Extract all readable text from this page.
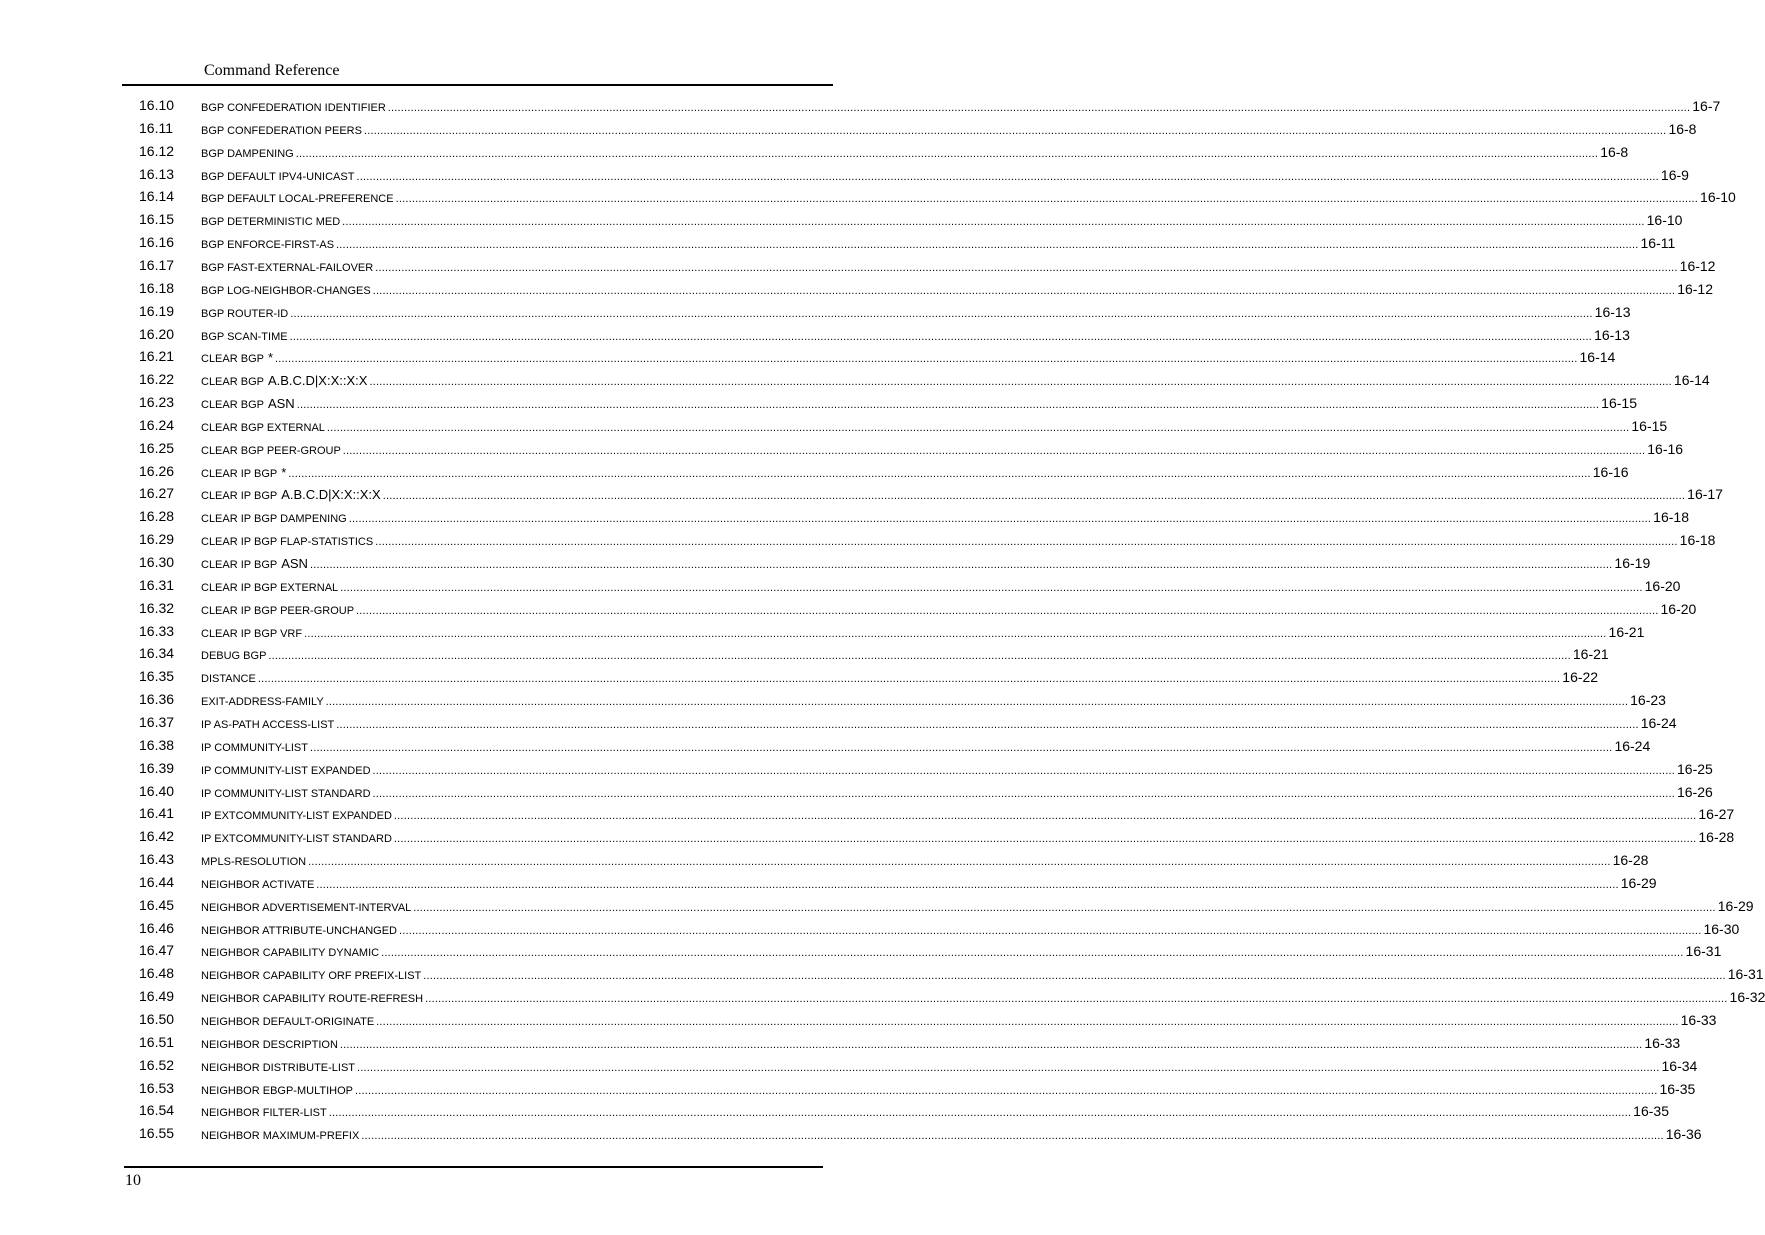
Command Reference
16.10 BGP CONFEDERATION IDENTIFIER ................................................................................................................................................................................................................................................................................................................................................................................................................ 16-7
16.11	BGP CONFEDERATION PEERS ................................................................................................................................................................................................................................................................................................................................................................................................................ 16-8
16.12 BGP DAMPENING ................................................................................................................................................................................................................................................................................................................................................................................................................ 16-8
16.13 BGP DEFAULT IPV4-UNICAST ................................................................................................................................................................................................................................................................................................................................................................................................................ 16-9
16.14 BGP DEFAULT LOCAL-PREFERENCE ................................................................................................................................................................................................................................................................................................................................................................................................................ 16-10
16.15 BGP DETERMINISTIC MED ................................................................................................................................................................................................................................................................................................................................................................................................................ 16-10
16.16 BGP ENFORCE-FIRST-AS ................................................................................................................................................................................................................................................................................................................................................................................................................ 16-11
16.17 BGP FAST-EXTERNAL-FAILOVER ................................................................................................................................................................................................................................................................................................................................................................................................................ 16-12
16.18 BGP LOG-NEIGHBOR-CHANGES ................................................................................................................................................................................................................................................................................................................................................................................................................ 16-12
16.19 BGP ROUTER-ID ................................................................................................................................................................................................................................................................................................................................................................................................................ 16-13
16.20 BGP SCAN-TIME ................................................................................................................................................................................................................................................................................................................................................................................................................ 16-13
16.21 CLEAR BGP * ................................................................................................................................................................................................................................................................................................................................................................................................................ 16-14
16.22 CLEAR BGP A.B.C.D|X:X::X:X ................................................................................................................................................................................................................................................................................................................................................................................................................ 16-14
16.23 CLEAR BGP ASN ................................................................................................................................................................................................................................................................................................................................................................................................................ 16-15
16.24 CLEAR BGP EXTERNAL ................................................................................................................................................................................................................................................................................................................................................................................................................ 16-15
16.25 CLEAR BGP PEER-GROUP ................................................................................................................................................................................................................................................................................................................................................................................................................ 16-16
16.26 CLEAR IP BGP * ................................................................................................................................................................................................................................................................................................................................................................................................................ 16-16
16.27 CLEAR IP BGP A.B.C.D|X:X::X:X ................................................................................................................................................................................................................................................................................................................................................................................................................ 16-17
16.28 CLEAR IP BGP DAMPENING ................................................................................................................................................................................................................................................................................................................................................................................................................ 16-18
16.29 CLEAR IP BGP FLAP-STATISTICS ................................................................................................................................................................................................................................................................................................................................................................................................................ 16-18
16.30 CLEAR IP BGP ASN ................................................................................................................................................................................................................................................................................................................................................................................................................ 16-19
16.31 CLEAR IP BGP EXTERNAL ................................................................................................................................................................................................................................................................................................................................................................................................................ 16-20
16.32 CLEAR IP BGP PEER-GROUP ................................................................................................................................................................................................................................................................................................................................................................................................................ 16-20
16.33 CLEAR IP BGP VRF ................................................................................................................................................................................................................................................................................................................................................................................................................ 16-21
16.34 DEBUG BGP ................................................................................................................................................................................................................................................................................................................................................................................................................ 16-21
16.35 DISTANCE ................................................................................................................................................................................................................................................................................................................................................................................................................ 16-22
16.36 EXIT-ADDRESS-FAMILY ................................................................................................................................................................................................................................................................................................................................................................................................................ 16-23
16.37 IP AS-PATH ACCESS-LIST ................................................................................................................................................................................................................................................................................................................................................................................................................ 16-24
16.38 IP COMMUNITY-LIST ................................................................................................................................................................................................................................................................................................................................................................................................................ 16-24
16.39 IP COMMUNITY-LIST EXPANDED ................................................................................................................................................................................................................................................................................................................................................................................................................ 16-25
16.40 IP COMMUNITY-LIST STANDARD ................................................................................................................................................................................................................................................................................................................................................................................................................ 16-26
16.41 IP EXTCOMMUNITY-LIST EXPANDED ................................................................................................................................................................................................................................................................................................................................................................................................................ 16-27
16.42 IP EXTCOMMUNITY-LIST STANDARD ................................................................................................................................................................................................................................................................................................................................................................................................................ 16-28
16.43 MPLS-RESOLUTION ................................................................................................................................................................................................................................................................................................................................................................................................................ 16-28
16.44 NEIGHBOR ACTIVATE ................................................................................................................................................................................................................................................................................................................................................................................................................ 16-29
16.45 NEIGHBOR ADVERTISEMENT-INTERVAL ................................................................................................................................................................................................................................................................................................................................................................................................................ 16-29
16.46 NEIGHBOR ATTRIBUTE-UNCHANGED ................................................................................................................................................................................................................................................................................................................................................................................................................ 16-30
16.47 NEIGHBOR CAPABILITY DYNAMIC ................................................................................................................................................................................................................................................................................................................................................................................................................ 16-31
16.48 NEIGHBOR CAPABILITY ORF PREFIX-LIST ................................................................................................................................................................................................................................................................................................................................................................................................................ 16-31
16.49 NEIGHBOR CAPABILITY ROUTE-REFRESH ................................................................................................................................................................................................................................................................................................................................................................................................................ 16-32
16.50 NEIGHBOR DEFAULT-ORIGINATE ................................................................................................................................................................................................................................................................................................................................................................................................................ 16-33
16.51 NEIGHBOR DESCRIPTION ................................................................................................................................................................................................................................................................................................................................................................................................................ 16-33
16.52 NEIGHBOR DISTRIBUTE-LIST ................................................................................................................................................................................................................................................................................................................................................................................................................ 16-34
16.53 NEIGHBOR EBGP-MULTIHOP ................................................................................................................................................................................................................................................................................................................................................................................................................ 16-35
16.54 NEIGHBOR FILTER-LIST ................................................................................................................................................................................................................................................................................................................................................................................................................ 16-35
16.55 NEIGHBOR MAXIMUM-PREFIX ................................................................................................................................................................................................................................................................................................................................................................................................................ 16-36
10
